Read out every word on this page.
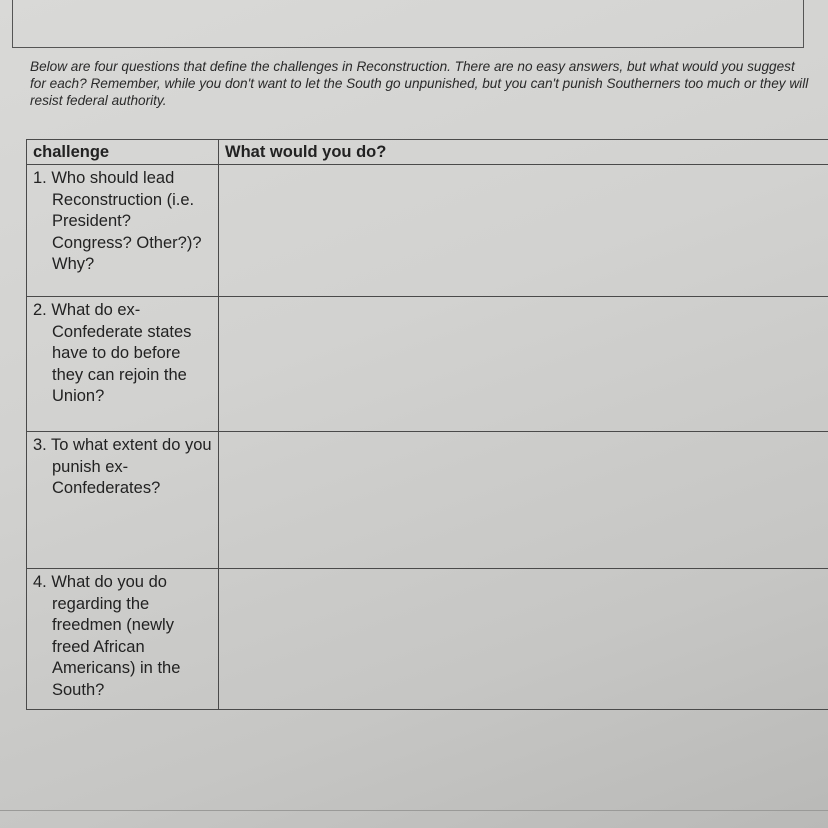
Below are four questions that define the challenges in Reconstruction. There are no easy answers, but what would you suggest for each? Remember, while you don't want to let the South go unpunished, but you can't punish Southerners too much or they will resist federal authority.

challenge	What would you do?

1. Who should lead Reconstruction (i.e. President? Congress? Other?)? Why?	

2. What do ex-Confederate states have to do before they can rejoin the Union?	

3. To what extent do you punish ex-Confederates?	

4. What do you do regarding the freedmen (newly freed African Americans) in the South?	
